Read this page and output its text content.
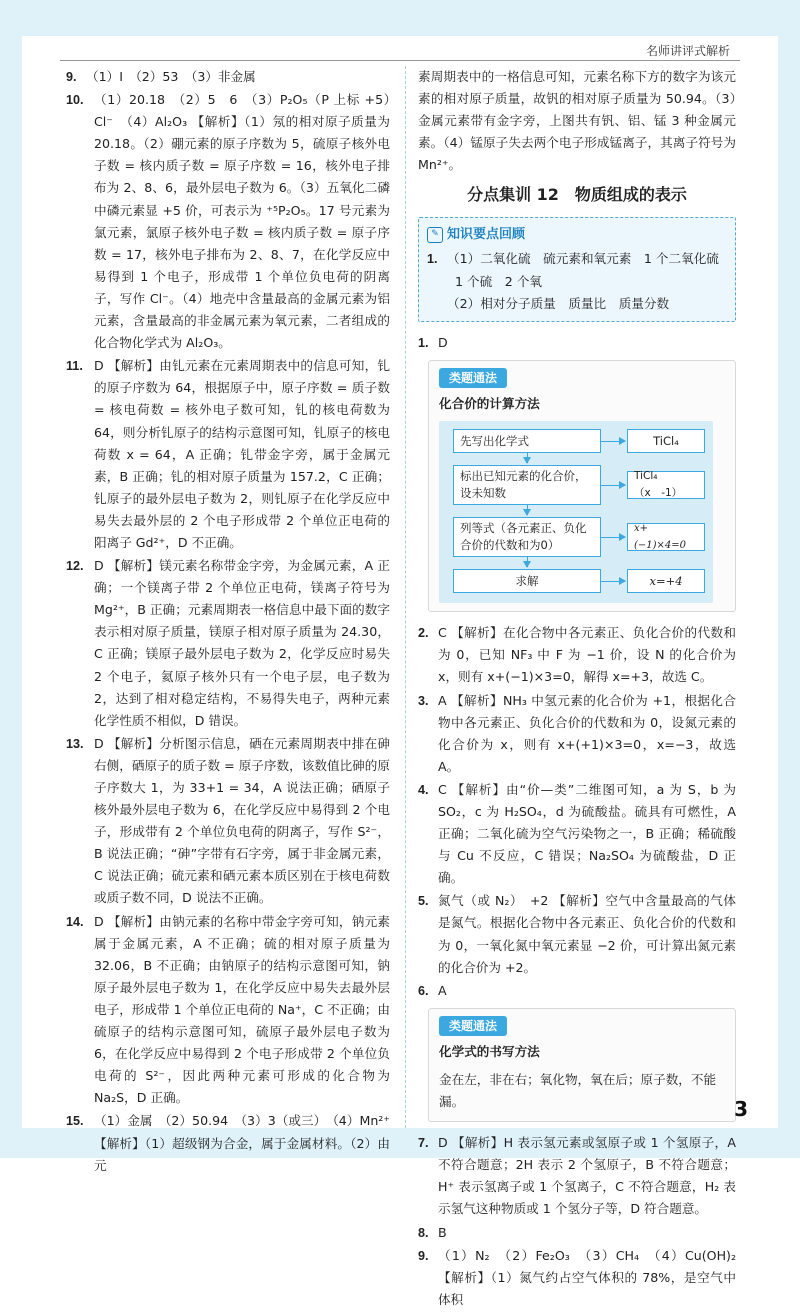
名师讲评式解析
9. （1）Ⅰ　（2）53　（3）非金属
10. （1）20.18　（2）5　6　（3）P₂O₅（P 上标 +5）　Cl⁻　（4）Al₂O₃ 【解析】（1）氖的相对原子质量为 20.18。（2）硼元素的原子序数为 5，硫原子核外电子数 = 核内质子数 = 原子序数 = 16，核外电子排布为 2、8、6，最外层电子数为 6。（3）五氧化二磷中磷元素显 +5 价，可表示为 ⁺⁵P₂O₅。17 号元素为氯元素，氯原子核外电子数 = 核内质子数 = 原子序数 = 17，核外电子排布为 2、8、7，在化学反应中易得到 1 个电子，形成带 1 个单位负电荷的阴离子，写作 Cl⁻。（4）地壳中含量最高的金属元素为铝元素，含量最高的非金属元素为氧元素，二者组成的化合物化学式为 Al₂O₃。
11. D 【解析】由钆元素在元素周期表中的信息可知，钆的原子序数为 64，根据原子中，原子序数 = 质子数 = 核电荷数 = 核外电子数可知，钆的核电荷数为 64，则分析钆原子的结构示意图可知，钆原子的核电荷数 x = 64，A 正确；钆带金字旁，属于金属元素，B 正确；钆的相对原子质量为 157.2，C 正确；钆原子的最外层电子数为 2，则钆原子在化学反应中易失去最外层的 2 个电子形成带 2 个单位正电荷的阳离子 Gd²⁺，D 不正确。
12. D 【解析】镁元素名称带金字旁，为金属元素，A 正确；一个镁离子带 2 个单位正电荷，镁离子符号为 Mg²⁺，B 正确；元素周期表一格信息中最下面的数字表示相对原子质量，镁原子相对原子质量为 24.30，C 正确；镁原子最外层电子数为 2，化学反应时易失 2 个电子，氦原子核外只有一个电子层，电子数为 2，达到了相对稳定结构，不易得失电子，两种元素化学性质不相似，D 错误。
13. D 【解析】分析图示信息，硒在元素周期表中排在砷右侧，硒原子的质子数 = 原子序数，该数值比砷的原子序数大 1，为 33+1 = 34，A 说法正确；硒原子核外最外层电子数为 6，在化学反应中易得到 2 个电子，形成带有 2 个单位负电荷的阴离子，写作 S²⁻，B 说法正确；“砷”字带有石字旁，属于非金属元素，C 说法正确；硫元素和硒元素本质区别在于核电荷数或质子数不同，D 说法不正确。
14. D 【解析】由钠元素的名称中带金字旁可知，钠元素属于金属元素，A 不正确；硫的相对原子质量为 32.06，B 不正确；由钠原子的结构示意图可知，钠原子最外层电子数为 1，在化学反应中易失去最外层电子，形成带 1 个单位正电荷的 Na⁺，C 不正确；由硫原子的结构示意图可知，硫原子最外层电子数为 6，在化学反应中易得到 2 个电子形成带 2 个单位负电荷的 S²⁻，因此两种元素可形成的化合物为 Na₂S，D 正确。
15. （1）金属　（2）50.94　（3）3（或三）　（4）Mn²⁺ 【解析】（1）超级钢为合金，属于金属材料。（2）由元

素周期表中的一格信息可知，元素名称下方的数字为该元素的相对原子质量，故钒的相对原子质量为 50.94。（3）金属元素带有金字旁，上图共有钒、铝、锰 3 种金属元素。（4）锰原子失去两个电子形成锰离子，其离子符号为 Mn²⁺。

分点集训 12　物质组成的表示
✎ 知识要点回顾
1. （1）二氧化硫　硫元素和氧元素　1 个二氧化硫

1 个硫　2 个氧

（2）相对分子质量　质量比　质量分数

1. D
类题通法
化合价的计算方法
先写出化学式	TiCl₄
标出已知元素的化合价，设未知数
TiCl₄（x　-1）
列等式（各元素正、负化合价的代数和为0）
x+(−1)×4=0
求解	x=+4
2. C 【解析】在化合物中各元素正、负化合价的代数和为 0，已知 NF₃ 中 F 为 −1 价，设 N 的化合价为 x，则有 x+(−1)×3=0，解得 x=+3，故选 C。
3. A 【解析】NH₃ 中氢元素的化合价为 +1，根据化合物中各元素正、负化合价的代数和为 0，设氮元素的化合价为 x，则有 x+(+1)×3=0，x=−3，故选 A。
4. C 【解析】由“价—类”二维图可知，a 为 S，b 为 SO₂，c 为 H₂SO₄，d 为硫酸盐。硫具有可燃性，A 正确；二氧化硫为空气污染物之一，B 正确；稀硫酸与 Cu 不反应，C 错误；Na₂SO₄ 为硫酸盐，D 正确。
5. 氮气（或 N₂）　+2 【解析】空气中含量最高的气体是氮气。根据化合物中各元素正、负化合价的代数和为 0，一氧化氮中氧元素显 −2 价，可计算出氮元素的化合价为 +2。
6. A
类题通法
化学式的书写方法
金在左，非在右；氧化物，氧在后；原子数，不能漏。
7. D 【解析】H 表示氢元素或氢原子或 1 个氢原子，A 不符合题意；2H 表示 2 个氢原子，B 不符合题意；H⁺ 表示氢离子或 1 个氢离子，C 不符合题意，H₂ 表示氢气这种物质或 1 个氢分子等，D 符合题意。
8. B
9. （1）N₂　（2）Fe₂O₃　（3）CH₄　（4）Cu(OH)₂ 【解析】（1）氮气约占空气体积的 78%，是空气中体积
3
